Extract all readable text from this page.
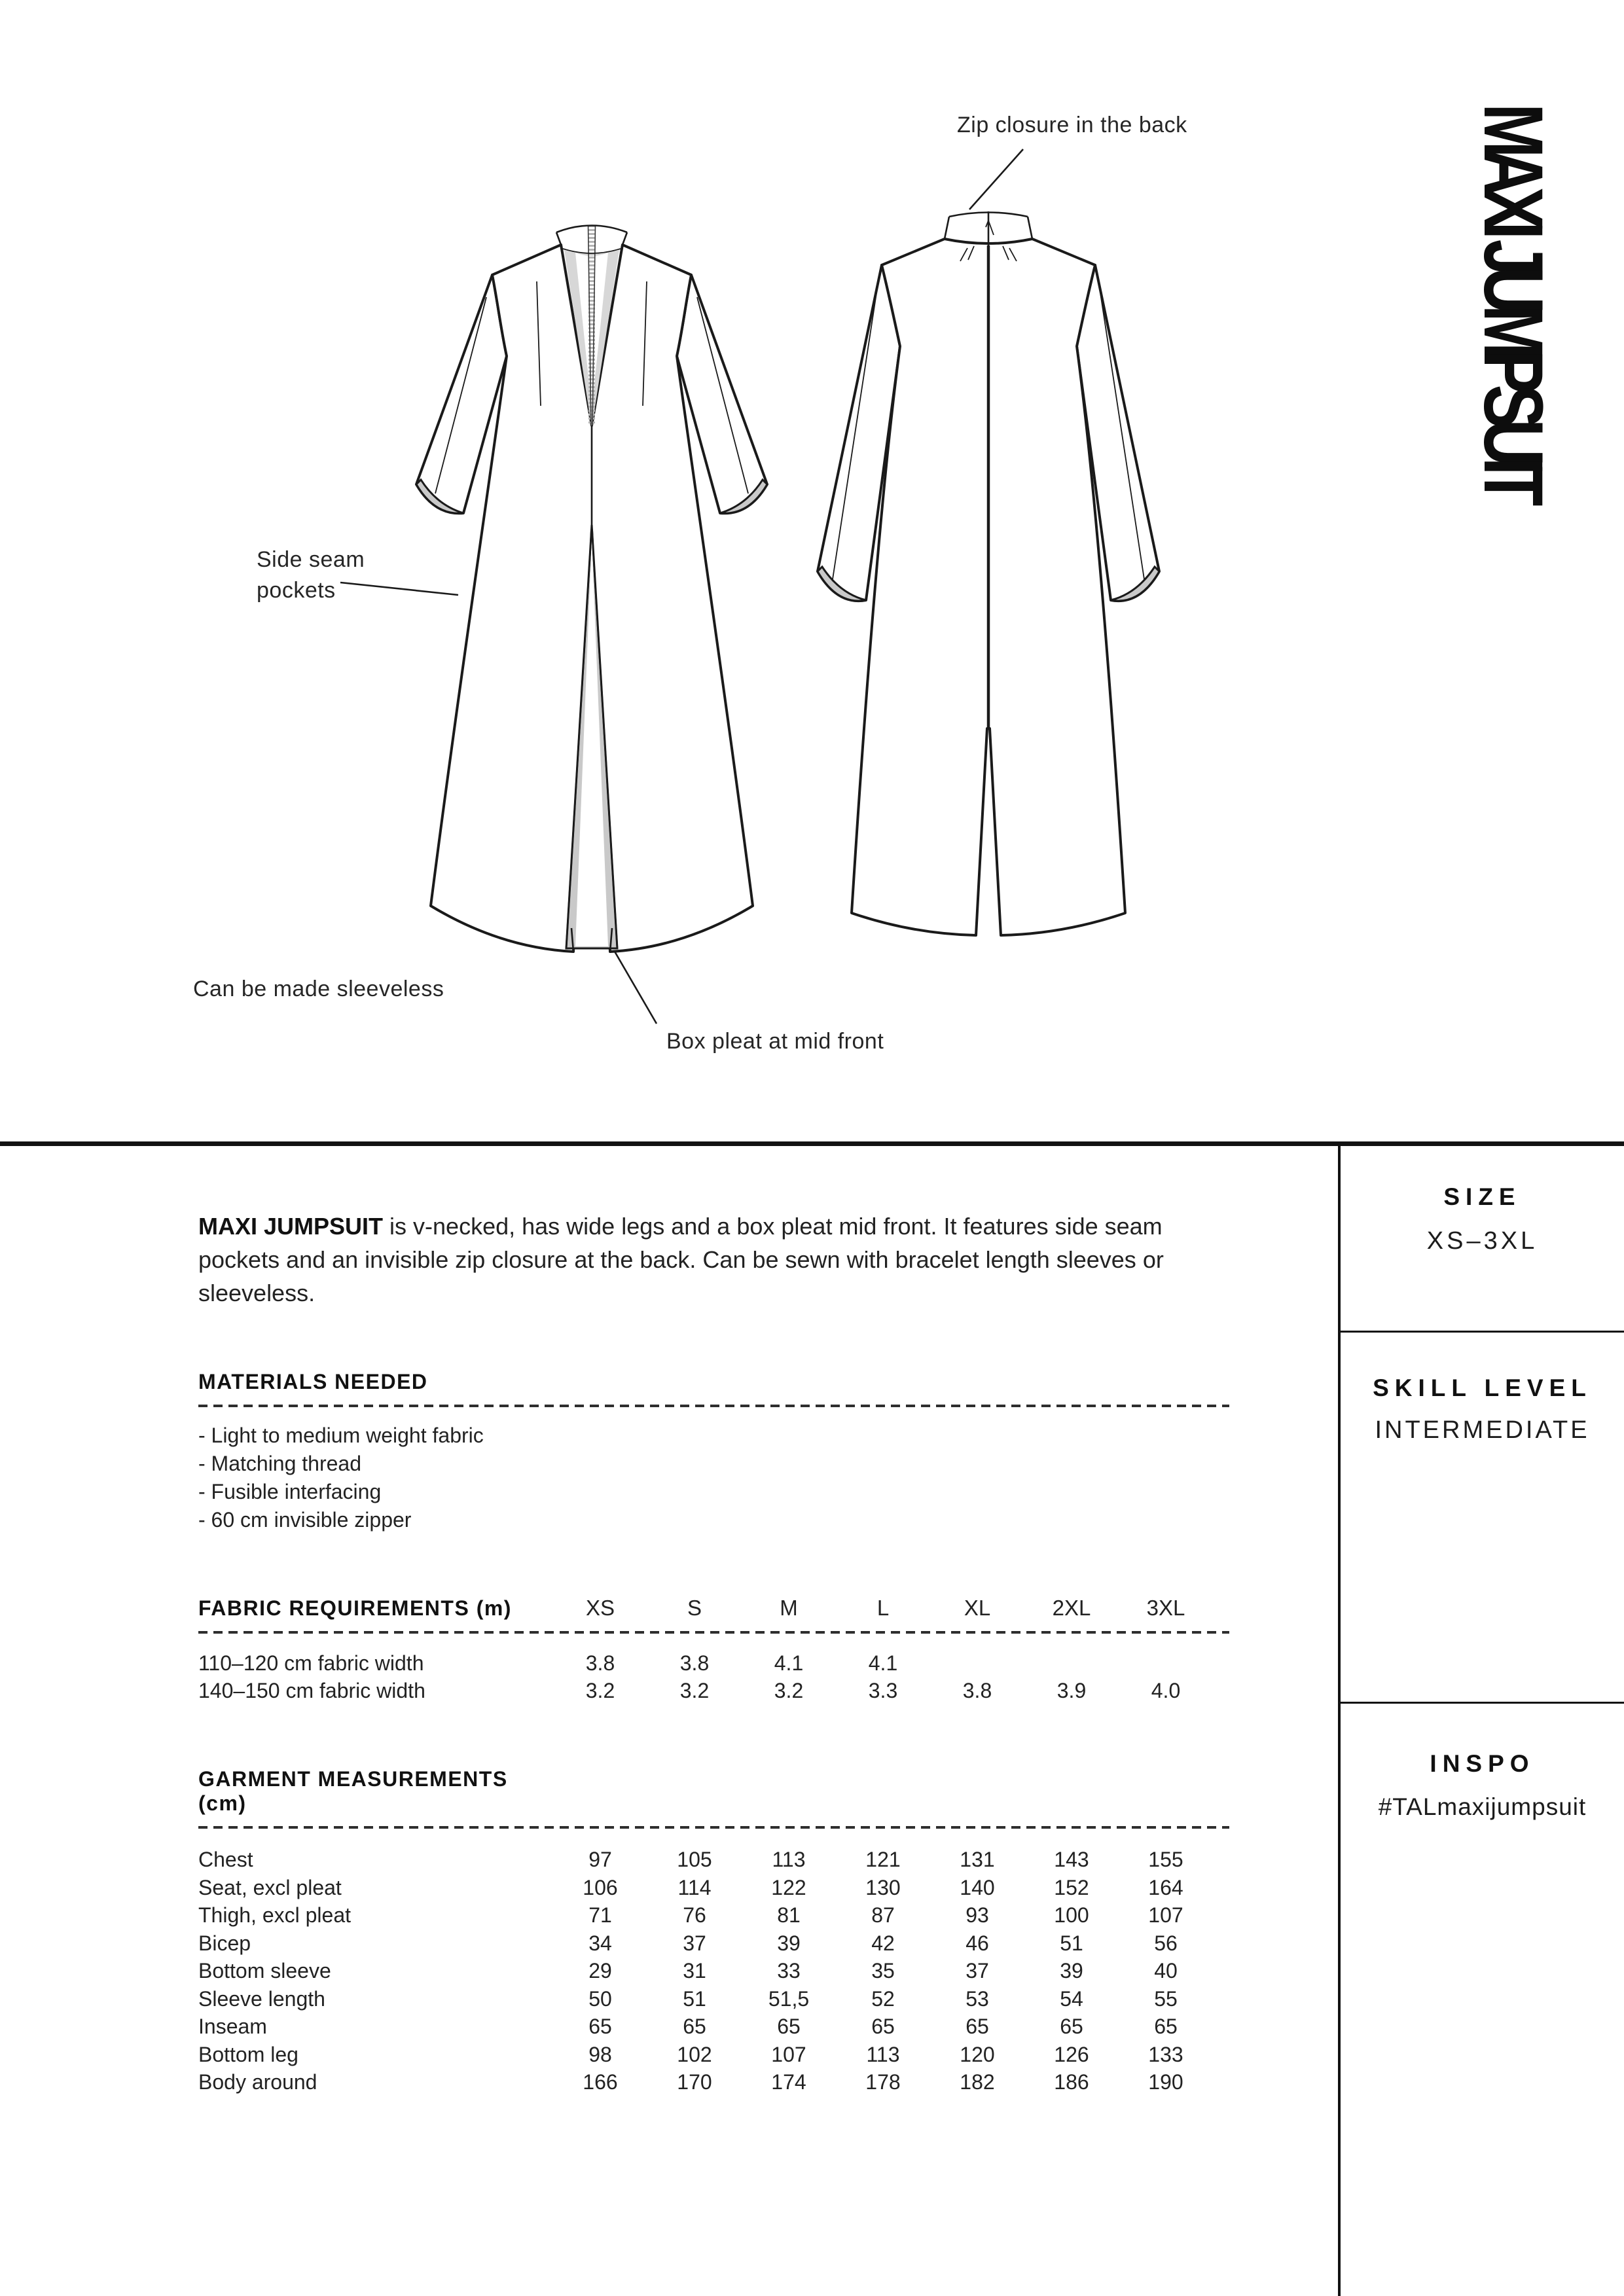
Zip closure in the back
Side seam
pockets
Can be made sleeveless
Box pleat at mid front
MAXI JUMPSUIT
SIZE
XS–3XL
SKILL LEVEL
INTERMEDIATE
INSPO
#TALmaxijumpsuit

MAXI JUMPSUIT is v-necked, has wide legs and a box pleat mid front. It features side seam pockets and an invisible zip closure at the back. Can be sewn with bracelet length sleeves or sleeveless.

MATERIALS NEEDED
- Light to medium weight fabric
- Matching thread
- Fusible interfacing
- 60 cm invisible zipper
FABRIC REQUIREMENTS (m)	XS	S	M	L	XL	2XL	3XL
110–120 cm fabric width	3.8	3.8	4.1	4.1
140–150 cm fabric width	3.2	3.2	3.2	3.3	3.8	3.9	4.0
GARMENT MEASUREMENTS (cm)
Chest	97	105	113	121	131	143	155
Seat, excl pleat	106	114	122	130	140	152	164
Thigh, excl pleat	71	76	81	87	93	100	107
Bicep	34	37	39	42	46	51	56
Bottom sleeve	29	31	33	35	37	39	40
Sleeve length	50	51	51,5	52	53	54	55
Inseam	65	65	65	65	65	65	65
Bottom leg	98	102	107	113	120	126	133
Body around	166	170	174	178	182	186	190
